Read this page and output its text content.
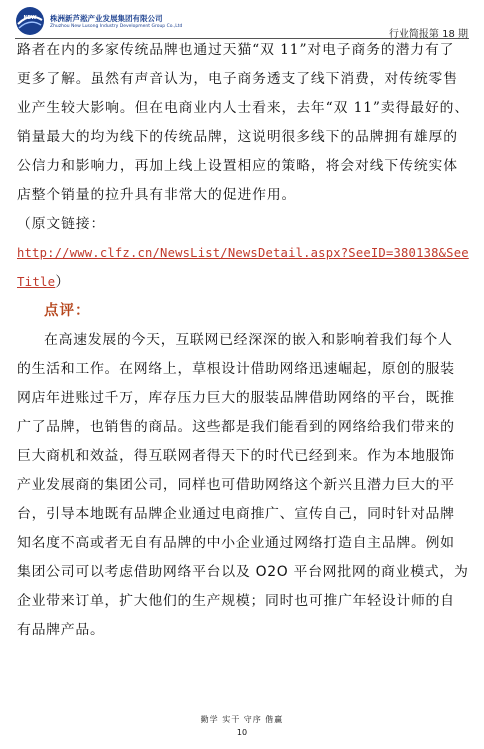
NEW 株洲新芦淞产业发展集团有限公司
Zhuzhou New Lusong Industry Development Group Co.,Ltd
行业简报第 18 期
路者在内的多家传统品牌也通过天猫“双 11”对电子商务的潜力有了
更多了解。虽然有声音认为，电子商务透支了线下消费，对传统零售
业产生较大影响。但在电商业内人士看来，去年“双 11”卖得最好的、
销量最大的均为线下的传统品牌，这说明很多线下的品牌拥有雄厚的
公信力和影响力，再加上线上设置相应的策略，将会对线下传统实体
店整个销量的拉升具有非常大的促进作用。
（原文链接：
http://www.clfz.cn/NewsList/NewsDetail.aspx?SeeID=380138&See
Title）
点评：
在高速发展的今天，互联网已经深深的嵌入和影响着我们每个人
的生活和工作。在网络上，草根设计借助网络迅速崛起，原创的服装
网店年进账过千万，库存压力巨大的服装品牌借助网络的平台，既推
广了品牌，也销售的商品。这些都是我们能看到的网络给我们带来的
巨大商机和效益，得互联网者得天下的时代已经到来。作为本地服饰
产业发展商的集团公司，同样也可借助网络这个新兴且潜力巨大的平
台，引导本地既有品牌企业通过电商推广、宣传自己，同时针对品牌
知名度不高或者无自有品牌的中小企业通过网络打造自主品牌。例如
集团公司可以考虑借助网络平台以及 O2O 平台网批网的商业模式，为
企业带来订单，扩大他们的生产规模；同时也可推广年轻设计师的自
有品牌产品。
勤学 实干 守序 偕赢
10
